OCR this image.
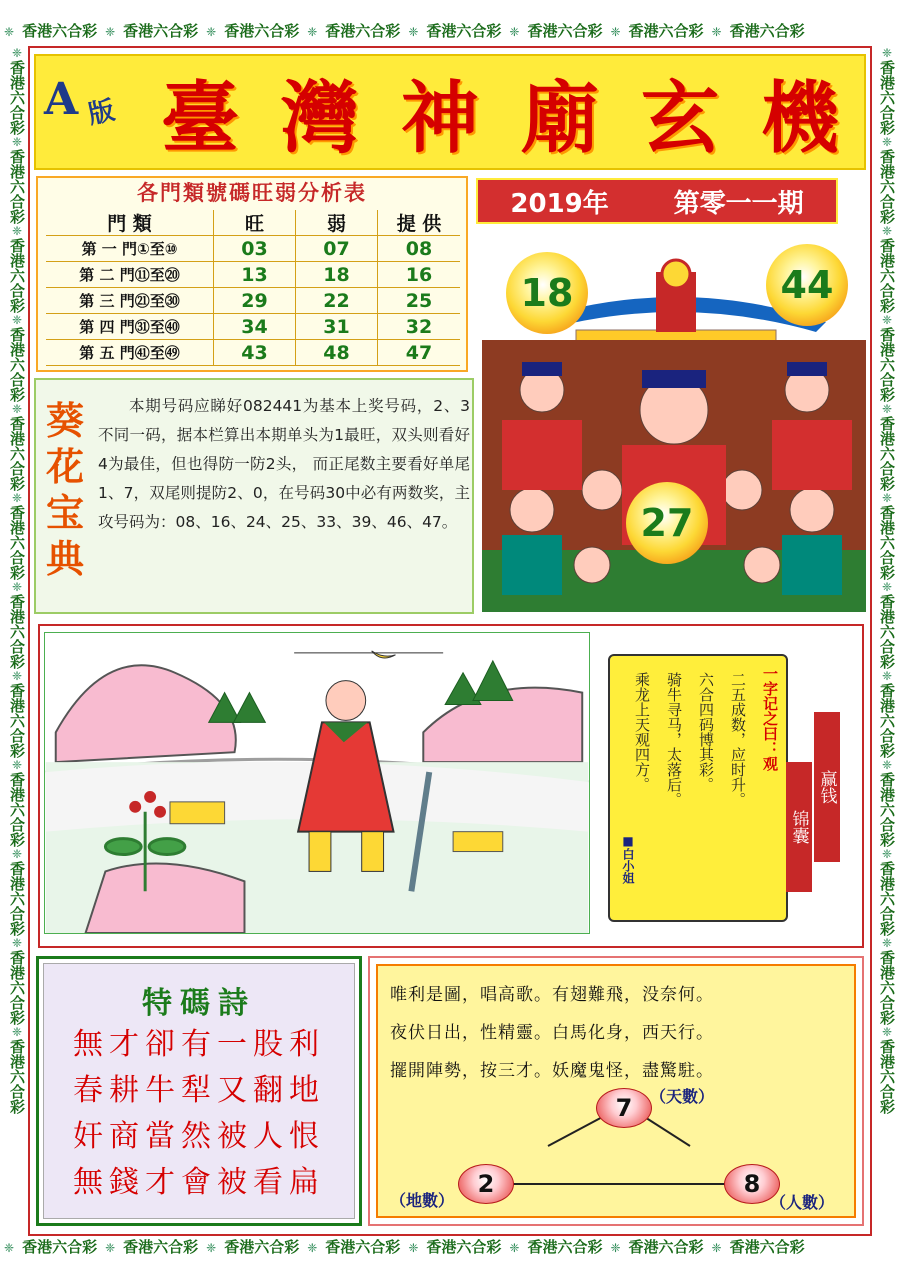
❈ 香港六合彩 ❈ 香港六合彩 ❈ 香港六合彩 ❈ 香港六合彩 ❈ 香港六合彩 ❈ 香港六合彩 ❈ 香港六合彩 ❈ 香港六合彩
❈ 香港六合彩 ❈ 香港六合彩 ❈ 香港六合彩 ❈ 香港六合彩 ❈ 香港六合彩 ❈ 香港六合彩 ❈ 香港六合彩 ❈ 香港六合彩
❈香港六合彩❈香港六合彩❈香港六合彩❈香港六合彩❈香港六合彩❈香港六合彩❈香港六合彩❈香港六合彩❈香港六合彩❈香港六合彩❈香港六合彩❈香港六合彩
❈香港六合彩❈香港六合彩❈香港六合彩❈香港六合彩❈香港六合彩❈香港六合彩❈香港六合彩❈香港六合彩❈香港六合彩❈香港六合彩❈香港六合彩❈香港六合彩
A 版 臺 灣 神 廟 玄 機
各門類號碼旺弱分析表
門 類	旺	弱	提 供
第 一 門①至⑩	03	07	08
第 二 門⑪至⑳	13	18	16
第 三 門㉑至㉚	29	22	25
第 四 門㉛至㊵	34	31	32
第 五 門㊶至㊾	43	48	47
2019年 第零一一期
18	44
27
葵
花
宝
典
本期号码应睇好082441为基本上奖号码，2、3不同一码，据本栏算出本期单头为1最旺，双头则看好4为最佳，但也得防一防2头， 而正尾数主要看好单尾1、7，双尾则提防2、0，在号码30中必有两数奖，主攻号码为：08、16、24、25、33、39、46、47。
一字记之曰：观
二五成数，应时升。
六合四码博其彩。
骑牛寻马，太落后。
乘龙上天观四方。
■白小姐
锦囊
赢钱
特碼詩
無才卻有一股利
春耕牛犁又翻地
奸商當然被人恨
無錢才會被看扁
唯利是圖，唱高歌。有翅難飛，没奈何。
夜伏日出，性精靈。白馬化身，西天行。
擺開陣勢，按三才。妖魔鬼怪，盡驚駐。
7	（天數）
2
（地數）
8
（人數）
